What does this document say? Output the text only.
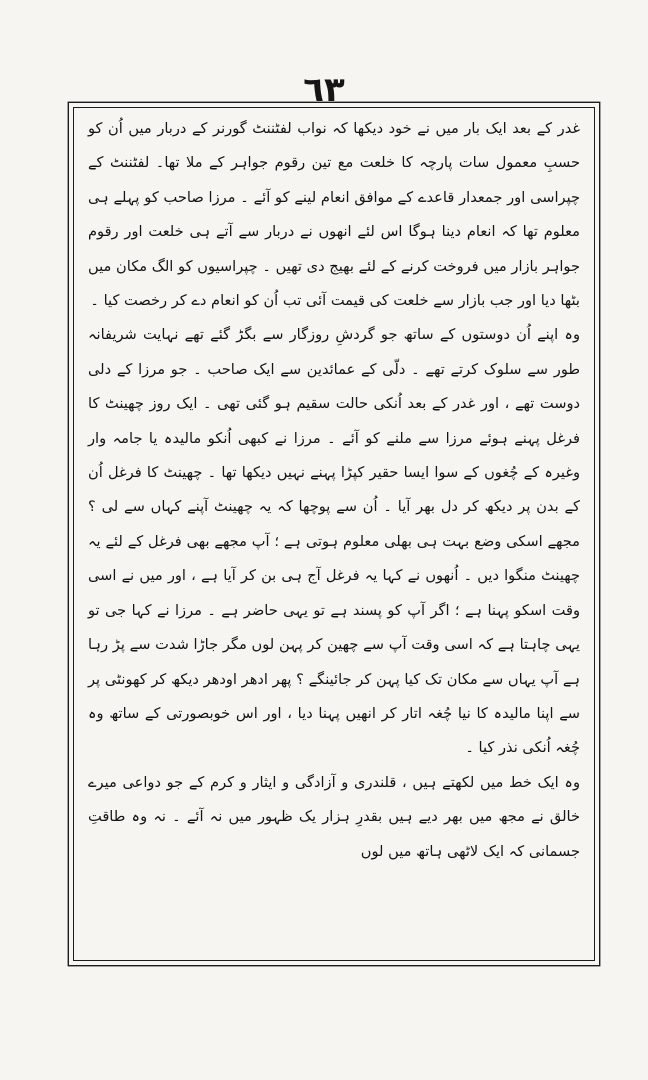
٦٣

غدر کے بعد ایک بار میں نے خود دیکھا کہ نواب لفٹننٹ گورنر کے دربار میں اُن کو حسبِ معمول سات پارچہ کا خلعت مع تین رقوم جواہر کے ملا تھا۔ لفٹننٹ کے چپراسی اور جمعدار قاعدے کے موافق انعام لینے کو آئے ۔ مرزا صاحب کو پہلے ہی معلوم تھا کہ انعام دینا ہوگا اس لئے انھوں نے دربار سے آتے ہی خلعت اور رقوم جواہر بازار میں فروخت کرنے کے لئے بھیج دی تھیں ۔ چپراسیوں کو الگ مکان میں بٹھا دیا اور جب بازار سے خلعت کی قیمت آئی تب اُن کو انعام دے کر رخصت کیا ۔

وہ اپنے اُن دوستوں کے ساتھ جو گردشِ روزگار سے بگڑ گئے تھے نہایت شریفانہ طور سے سلوک کرتے تھے ۔ دلّی کے عمائدین سے ایک صاحب ۔ جو مرزا کے دلی دوست تھے ، اور غدر کے بعد اُنکی حالت سقیم ہو گئی تھی ۔ ایک روز چھینٹ کا فرغل پہنے ہوئے مرزا سے ملنے کو آئے ۔ مرزا نے کبھی اُنکو مالیدہ یا جامہ وار وغیرہ کے چُغوں کے سوا ایسا حقیر کپڑا پہنے نہیں دیکھا تھا ۔ چھینٹ کا فرغل اُن کے بدن پر دیکھ کر دل بھر آیا ۔ اُن سے پوچھا کہ یہ چھینٹ آپنے کہاں سے لی ؟ مجھے اسکی وضع بہت ہی بھلی معلوم ہوتی ہے ؛ آپ مجھے بھی فرغل کے لئے یہ چھینٹ منگوا دیں ۔ اُنھوں نے کہا یہ فرغل آج ہی بن کر آیا ہے ، اور میں نے اسی وقت اسکو پہنا ہے ؛ اگر آپ کو پسند ہے تو یہی حاضر ہے ۔ مرزا نے کہا جی تو یہی چاہتا ہے کہ اسی وقت آپ سے چھین کر پہن لوں مگر جاڑا شدت سے پڑ رہا ہے آپ یہاں سے مکان تک کیا پہن کر جائینگے ؟ پھر ادھر اودھر دیکھ کر کھونٹی پر سے اپنا مالیدہ کا نیا چُغہ اتار کر انھیں پہنا دیا ، اور اس خوبصورتی کے ساتھ وہ چُغہ اُنکی نذر کیا ۔

وہ ایک خط میں لکھتے ہیں ، قلندری و آزادگی و ایثار و کرم کے جو دواعی میرے خالق نے مجھ میں بھر دیے ہیں بقدرِ ہزار یک ظہور میں نہ آئے ۔ نہ وہ طاقتِ جسمانی کہ ایک لاٹھی ہاتھ میں لوں
